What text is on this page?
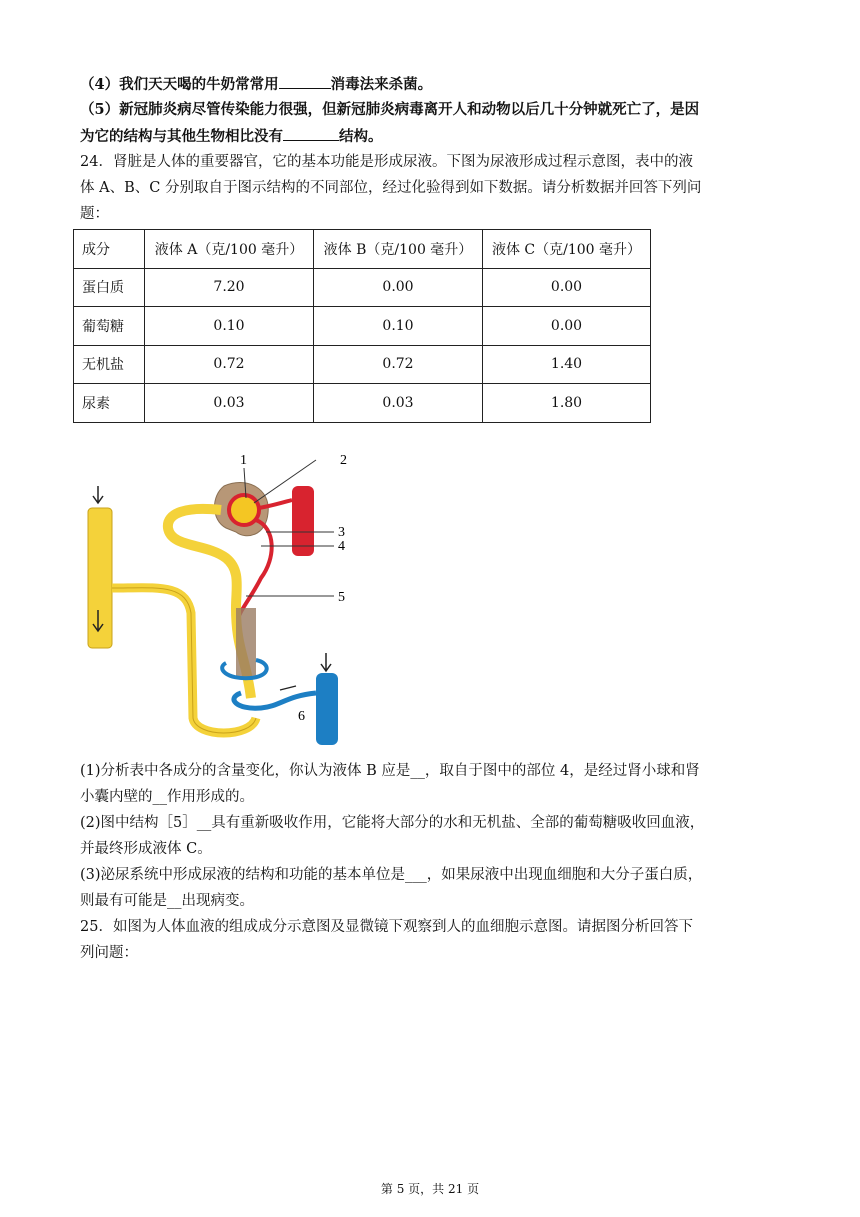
（4）我们天天喝的牛奶常常用	消毒法来杀菌。
（5）新冠肺炎病尽管传染能力很强，但新冠肺炎病毒离开人和动物以后几十分钟就死亡了，是因
为它的结构与其他生物相比没有	结构。
24．肾脏是人体的重要器官，它的基本功能是形成尿液。下图为尿液形成过程示意图，表中的液
体 A、B、C 分别取自于图示结构的不同部位，经过化验得到如下数据。请分析数据并回答下列问
题：
成分	液体 A（克/100 毫升）	液体 B（克/100 毫升）	液体 C（克/100 毫升）
蛋白质	7.20	0.00	0.00
葡萄糖	0.10	0.10	0.00
无机盐	0.72	0.72	1.40
尿素	0.03	0.03	1.80
1	2
3
4
5
6
(1)分析表中各成分的含量变化，你认为液体 B 应是__，取自于图中的部位 4，是经过肾小球和肾
小囊内壁的__作用形成的。
(2)图中结构［5］__具有重新吸收作用，它能将大部分的水和无机盐、全部的葡萄糖吸收回血液，
并最终形成液体 C。
(3)泌尿系统中形成尿液的结构和功能的基本单位是___，如果尿液中出现血细胞和大分子蛋白质，
则最有可能是__出现病变。
25．如图为人体血液的组成成分示意图及显微镜下观察到人的血细胞示意图。请据图分析回答下
列问题：
第 5 页，共 21 页
